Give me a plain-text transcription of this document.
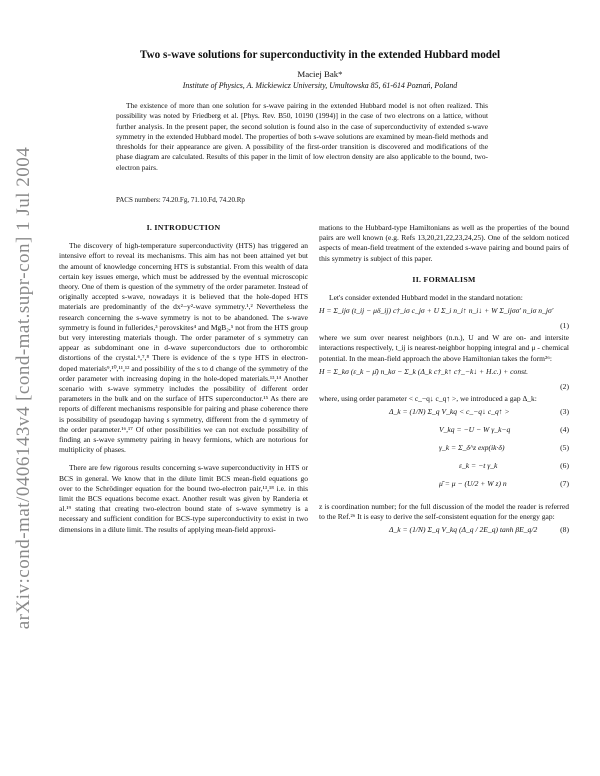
arXiv:cond-mat/0406143v4 [cond-mat.supr-con] 1 Jul 2004
Two s-wave solutions for superconductivity in the extended Hubbard model
Maciej Bak*
Institute of Physics, A. Mickiewicz University, Umultowska 85, 61-614 Poznań, Poland
The existence of more than one solution for s-wave pairing in the extended Hubbard model is not often realized. This possibility was noted by Friedberg et al. [Phys. Rev. B50, 10190 (1994)] in the case of two electrons on a lattice, without further analysis. In the present paper, the second solution is found also in the case of superconductivity of extended s-wave symmetry in the extended Hubbard model. The properties of both s-wave solutions are examined by mean-field methods and thresholds for their appearance are given. A possibility of the first-order transition is discovered and modifications of the phase diagram are calculated. Results of this paper in the limit of low electron density are also applicable to the bound, two-electron pairs.
PACS numbers: 74.20.Fg, 71.10.Fd, 74.20.Rp
I. INTRODUCTION

The discovery of high-temperature superconductivity (HTS) has triggered an intensive effort to reveal its mechanisms. This aim has not been attained yet but the amount of knowledge concerning HTS is substantial. From this wealth of data certain key issues emerge, which must be addressed by the eventual microscopic theory. One of them is question of the symmetry of the order parameter. Instead of originally accepted s-wave, nowadays it is believed that the hole-doped HTS materials are predominantly of the dx²−y²-wave symmetry.¹,² Nevertheless the research concerning the s-wave symmetry is not to be abandoned. The s-wave symmetry is found in fullerides,³ perovskites⁴ and MgB₂,⁵ not from the HTS group but very interesting materials though. The order parameter of s symmetry can appear as subdominant one in d-wave superconductors due to orthorombic distortions of the crystal.⁶,⁷,⁸ There is evidence of the s type HTS in electron-doped materials⁹,¹⁰,¹¹,¹² and possibility of the s to d change of the symmetry of the order parameter with increasing doping in the hole-doped materials.¹³,¹⁴ Another scenario with s-wave symmetry includes the possibility of different order parameters in the bulk and on the surface of HTS superconductor.¹⁵ As there are reports of different mechanisms responsible for pairing and phase coherence there is possibility of pseudogap having s symmetry, different from the d symmetry of the order parameter.¹⁶,¹⁷ Of other possibilities we can not exclude possibility of finding an s-wave symmetry pairing in heavy fermions, which are notorious for multiplicity of phases.

There are few rigorous results concerning s-wave superconductivity in HTS or BCS in general. We know that in the dilute limit BCS mean-field equations go over to the Schrödinger equation for the bound two-electron pair,¹³,¹⁸ i.e. in this limit the BCS equations become exact. Another result was given by Randeria et al.¹⁹ stating that creating two-electron bound state of s-wave symmetry is a necessary and sufficient condition for BCS-type superconductivity to exist in two dimensions in a dilute limit. The results of applying mean-field approxi-

mations to the Hubbard-type Hamiltonians as well as the properties of the bound pairs are well known (e.g. Refs 13,20,21,22,23,24,25). One of the seldom noticed aspects of mean-field treatment of the extended s-wave pairing and bound pairs of this symmetry is subject of this paper.

II. FORMALISM

Let's consider extended Hubbard model in the standard notation:

H = Σ_ijσ (t_ij − μδ_ij) c†_iσ c_jσ + U Σ_i n_i↑ n_i↓ + W Σ_ijσσ′ n_iσ n_jσ′
(1)

where we sum over nearest neighbors (n.n.), U and W are on- and intersite interactions respectively, t_ij is nearest-neighbor hopping integral and μ - chemical potential. In the mean-field approach the above Hamiltonian takes the form²⁶:

H = Σ_kσ (ε_k − μ̄) n_kσ − Σ_k (Δ_k c†_k↑ c†_−k↓ + H.c.) + const.
(2)

where, using order parameter < c_−q↓ c_q↑ >, we introduced a gap Δ_k:

Δ_k = (1/N) Σ_q V_kq < c_−q↓ c_q↑ >	(3)
V_kq = −U − W γ_k−q	(4)
γ_k = Σ_δ^z exp(ik·δ)	(5)
ε_k = −t γ_k	(6)
μ̄ = μ − (U/2 + W z) n	(7)

z is coordination number; for the full discussion of the model the reader is referred to the Ref.²⁶ It is easy to derive the self-consistent equation for the energy gap:

Δ_k = (1/N) Σ_q V_kq (Δ_q / 2E_q) tanh βE_q/2	(8)
